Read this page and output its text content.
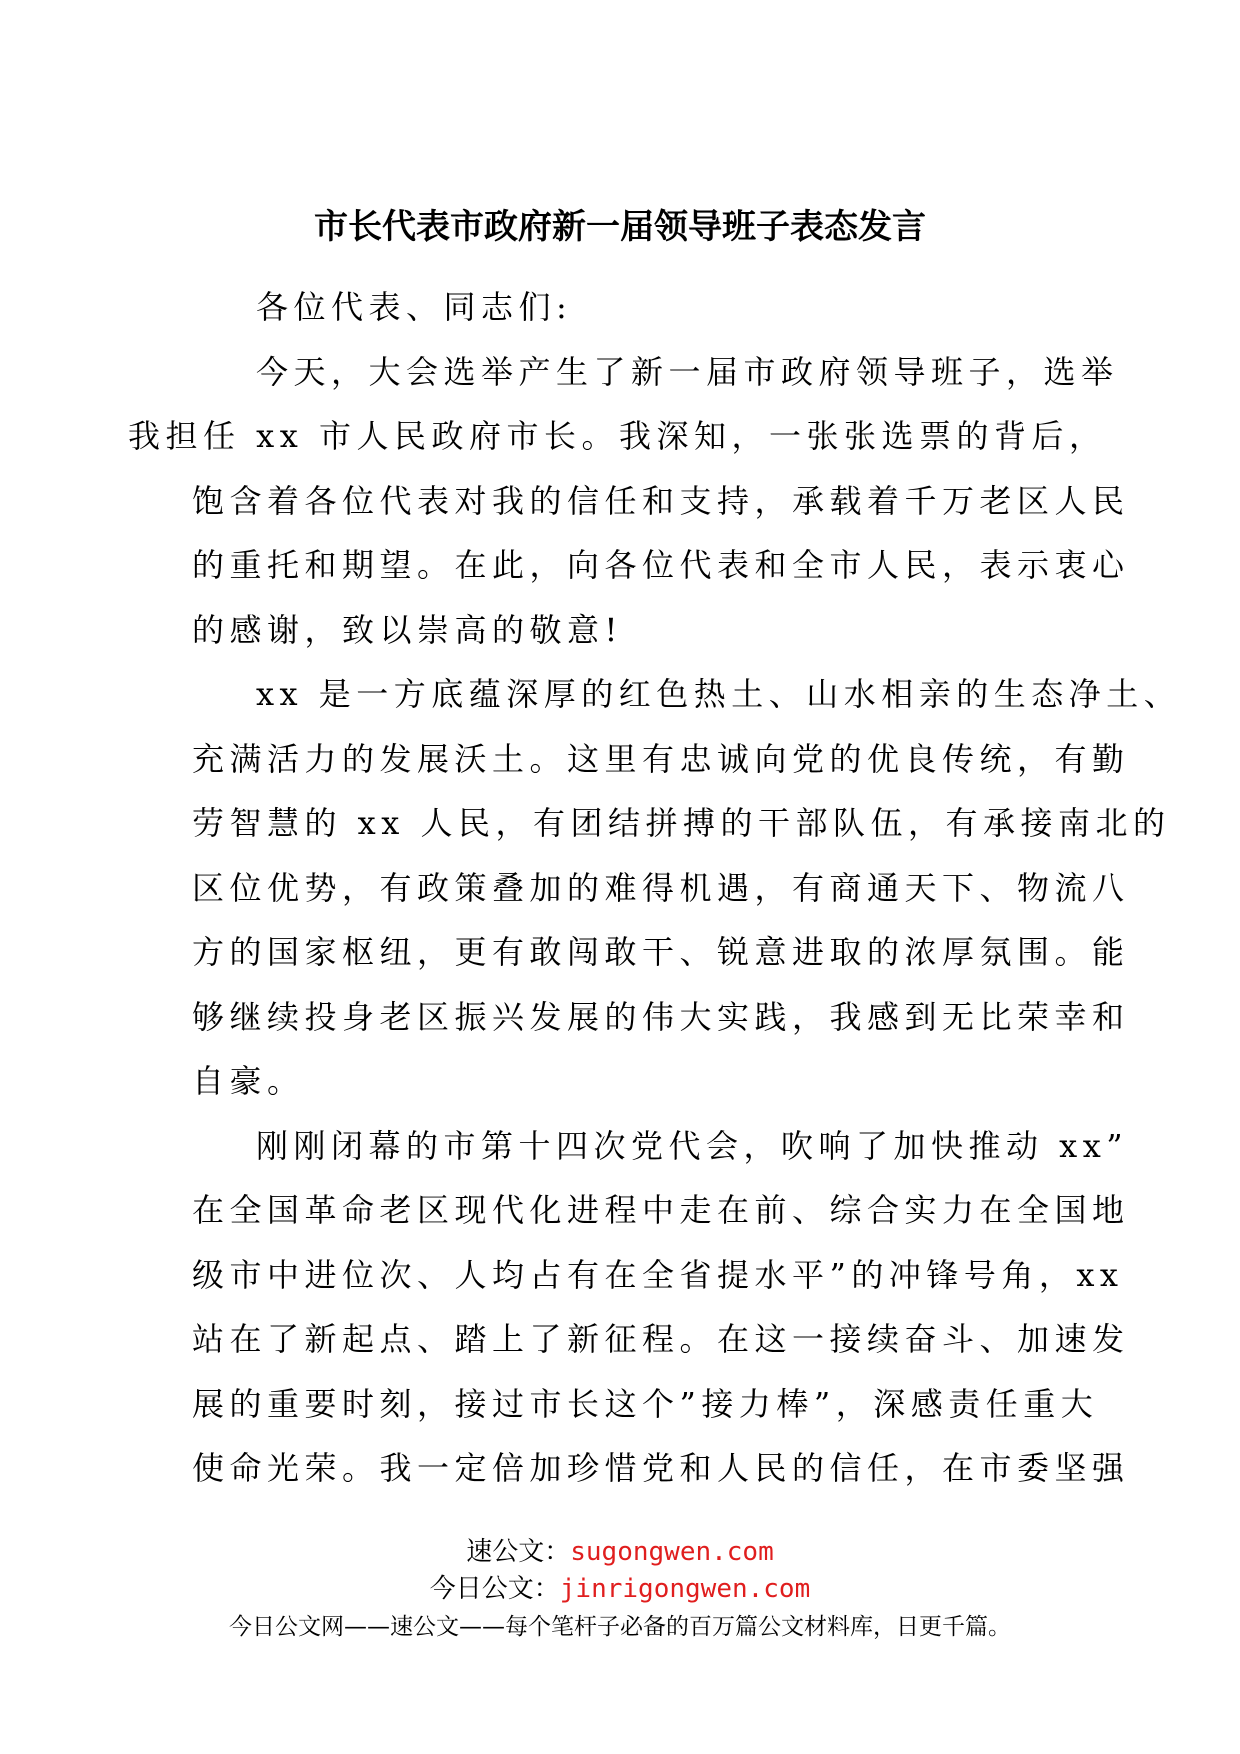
市长代表市政府新一届领导班子表态发言

各位代表、同志们:

今天，大会选举产生了新一届市政府领导班子，选举
我担任 xx 市人民政府市长。我深知，一张张选票的背后，
饱含着各位代表对我的信任和支持，承载着千万老区人民
的重托和期望。在此，向各位代表和全市人民，表示衷心
的感谢，致以崇高的敬意!

xx 是一方底蕴深厚的红色热土、山水相亲的生态净土、
充满活力的发展沃土。这里有忠诚向党的优良传统，有勤
劳智慧的 xx 人民，有团结拼搏的干部队伍，有承接南北的
区位优势，有政策叠加的难得机遇，有商通天下、物流八
方的国家枢纽，更有敢闯敢干、锐意进取的浓厚氛围。能
够继续投身老区振兴发展的伟大实践，我感到无比荣幸和
自豪。

刚刚闭幕的市第十四次党代会，吹响了加快推动 xx”
在全国革命老区现代化进程中走在前、综合实力在全国地
级市中进位次、人均占有在全省提水平”的冲锋号角，xx
站在了新起点、踏上了新征程。在这一接续奋斗、加速发
展的重要时刻，接过市长这个”接力棒”，深感责任重大
使命光荣。我一定倍加珍惜党和人民的信任，在市委坚强

速公文：sugongwen.com
今日公文：jinrigongwen.com
今日公文网——速公文——每个笔杆子必备的百万篇公文材料库，日更千篇。
